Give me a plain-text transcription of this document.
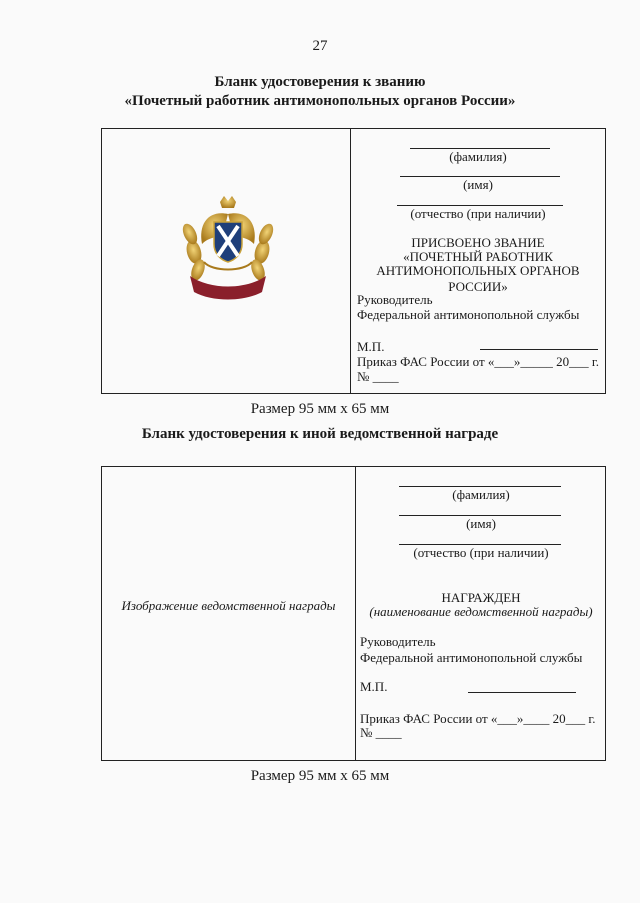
27
Бланк удостоверения к званию
«Почетный работник антимонопольных органов России»
(фамилия)
(имя)
(отчество (при наличии)
ПРИСВОЕНО ЗВАНИЕ
«ПОЧЕТНЫЙ РАБОТНИК
АНТИМОНОПОЛЬНЫХ ОРГАНОВ РОССИИ»
Руководитель
Федеральной антимонопольной службы
М.П.
Приказ ФАС России от «___»_____ 20___ г.
№ ____
Размер 95 мм х 65 мм
Бланк удостоверения к иной ведомственной награде
Изображение ведомственной награды
(фамилия)
(имя)
(отчество (при наличии)
НАГРАЖДЕН
(наименование ведомственной награды)
Руководитель
Федеральной антимонопольной службы
М.П.
Приказ ФАС России от «___»____ 20___ г.
№ ____
Размер 95 мм х 65 мм
